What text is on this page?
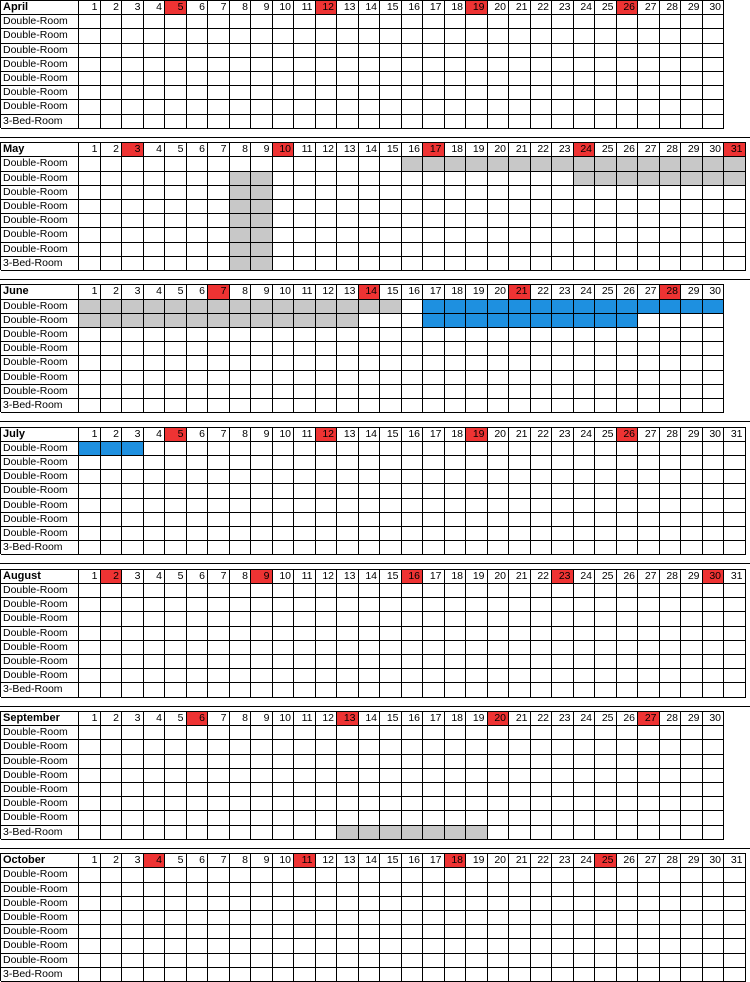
April	1	2	3	4	5	6	7	8	9 10	11 12 13 14 15 16 17 18 19 20 21 22 23 24 25 26 27 28 29 30
Double-Room
Double-Room
Double-Room
Double-Room
Double-Room
Double-Room
Double-Room
3-Bed-Room
May	1	2	3	4	5	6	7	8	9 10	11 12 13 14 15 16 17 18 19 20 21 22 23 24 25 26 27 28 29 30 31
Double-Room
Double-Room
Double-Room
Double-Room
Double-Room
Double-Room
Double-Room
3-Bed-Room
June	1	2	3	4	5	6	7	8	9 10	11 12 13 14 15 16 17 18 19 20 21 22 23 24 25 26 27 28 29 30
Double-Room
Double-Room
Double-Room
Double-Room
Double-Room
Double-Room
Double-Room
3-Bed-Room
July	1	2	3	4	5	6	7	8	9 10	11 12 13 14 15 16 17 18 19 20 21 22 23 24 25 26 27 28 29 30 31
Double-Room
Double-Room
Double-Room
Double-Room
Double-Room
Double-Room
Double-Room
3-Bed-Room
August	1	2	3	4	5	6	7	8	9 10	11 12 13 14 15 16 17 18 19 20 21 22 23 24 25 26 27 28 29 30 31
Double-Room
Double-Room
Double-Room
Double-Room
Double-Room
Double-Room
Double-Room
3-Bed-Room
September	1	2	3	4	5	6	7	8	9 10	11 12 13 14 15 16 17 18 19 20 21 22 23 24 25 26 27 28 29 30
Double-Room
Double-Room
Double-Room
Double-Room
Double-Room
Double-Room
Double-Room
3-Bed-Room
October	1	2	3	4	5	6	7	8	9 10	11 12 13 14 15 16 17 18 19 20 21 22 23 24 25 26 27 28 29 30 31
Double-Room
Double-Room
Double-Room
Double-Room
Double-Room
Double-Room
Double-Room
3-Bed-Room
